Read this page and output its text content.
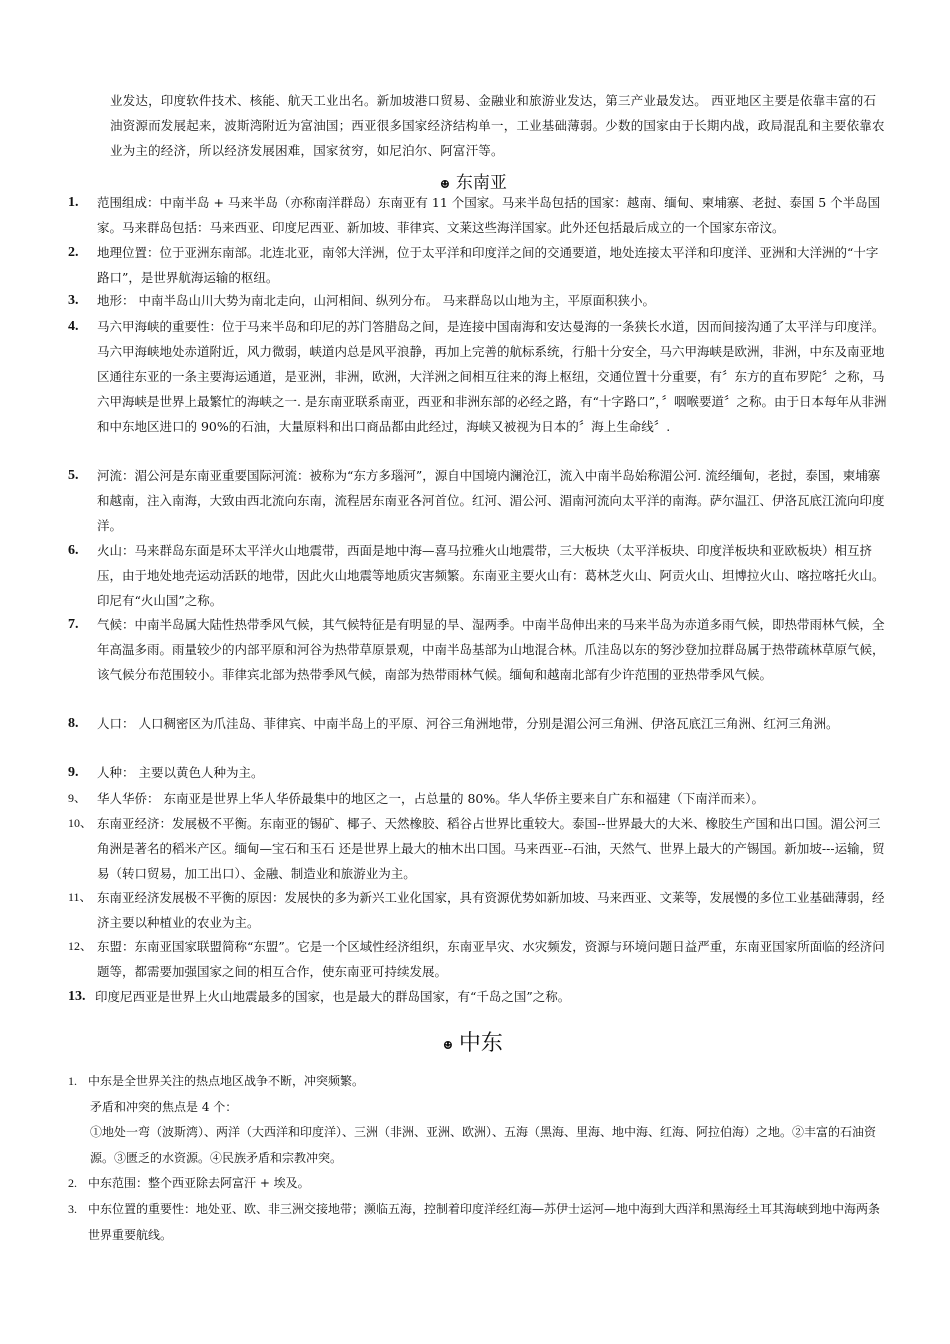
业发达，印度软件技术、核能、航天工业出名。新加坡港口贸易、金融业和旅游业发达，第三产业最发达。 西亚地区主要是依靠丰富的石油资源而发展起来，波斯湾附近为富油国；西亚很多国家经济结构单一，工业基础薄弱。少数的国家由于长期内战，政局混乱和主要依靠农业为主的经济，所以经济发展困难，国家贫穷，如尼泊尔、阿富汗等。
☻ 东南亚
1. 范围组成：中南半岛 + 马来半岛（亦称南洋群岛）东南亚有 11 个国家。马来半岛包括的国家：越南、缅甸、柬埔寨、老挝、泰国 5 个半岛国家。马来群岛包括：马来西亚、印度尼西亚、新加坡、菲律宾、文莱这些海洋国家。此外还包括最后成立的一个国家东帝汶。
2. 地理位置：位于亚洲东南部。北连北亚，南邻大洋洲，位于太平洋和印度洋之间的交通要道，地处连接太平洋和印度洋、亚洲和大洋洲的“十字路口”，是世界航海运输的枢纽。
3. 地形： 中南半岛山川大势为南北走向，山河相间、纵列分布。 马来群岛以山地为主，平原面积狭小。
4. 马六甲海峡的重要性：位于马来半岛和印尼的苏门答腊岛之间，是连接中国南海和安达曼海的一条狭长水道，因而间接沟通了太平洋与印度洋。 马六甲海峡地处赤道附近，风力微弱，峡道内总是风平浪静，再加上完善的航标系统，行船十分安全，马六甲海峡是欧洲，非洲，中东及南亚地区通往东亚的一条主要海运通道，是亚洲，非洲，欧洲，大洋洲之间相互往来的海上枢纽，交通位置十分重要，有〞东方的直布罗陀〞之称，马六甲海峡是世界上最繁忙的海峡之一. 是东南亚联系南亚，西亚和非洲东部的必经之路，有“十字路口”，〞咽喉要道〞之称。由于日本每年从非洲和中东地区进口的 90%的石油，大量原料和出口商品都由此经过，海峡又被视为日本的〞海上生命线〞.
5. 河流：湄公河是东南亚重要国际河流：被称为“东方多瑙河”，源自中国境内澜沧江，流入中南半岛始称湄公河. 流经缅甸，老挝，泰国，柬埔寨和越南，注入南海，大致由西北流向东南，流程居东南亚各河首位。红河、湄公河、湄南河流向太平洋的南海。萨尔温江、伊洛瓦底江流向印度洋。
6. 火山：马来群岛东面是环太平洋火山地震带，西面是地中海—喜马拉雅火山地震带，三大板块（太平洋板块、印度洋板块和亚欧板块）相互挤压，由于地处地壳运动活跃的地带，因此火山地震等地质灾害频繁。东南亚主要火山有：葛林芝火山、阿贡火山、坦博拉火山、喀拉喀托火山。印尼有“火山国”之称。
7. 气候：中南半岛属大陆性热带季风气候，其气候特征是有明显的旱、湿两季。中南半岛伸出来的马来半岛为赤道多雨气候，即热带雨林气候，全年高温多雨。雨量较少的内部平原和河谷为热带草原景观，中南半岛基部为山地混合林。爪洼岛以东的努沙登加拉群岛属于热带疏林草原气候，该气候分布范围较小。菲律宾北部为热带季风气候，南部为热带雨林气候。缅甸和越南北部有少许范围的亚热带季风气候。
8. 人口： 人口稠密区为爪洼岛、菲律宾、中南半岛上的平原、河谷三角洲地带，分别是湄公河三角洲、伊洛瓦底江三角洲、红河三角洲。
9. 人种： 主要以黄色人种为主。
9、 华人华侨： 东南亚是世界上华人华侨最集中的地区之一，占总量的 80%。华人华侨主要来自广东和福建（下南洋而来）。
10、 东南亚经济：发展极不平衡。东南亚的锡矿、椰子、天然橡胶、稻谷占世界比重较大。泰国--世界最大的大米、橡胶生产国和出口国。湄公河三角洲是著名的稻米产区。缅甸—宝石和玉石 还是世界上最大的柚木出口国。马来西亚--石油，天然气、世界上最大的产锡国。新加坡---运输，贸易（转口贸易，加工出口）、金融、制造业和旅游业为主。
11、 东南亚经济发展极不平衡的原因：发展快的多为新兴工业化国家，具有资源优势如新加坡、马来西亚、文莱等，发展慢的多位工业基础薄弱，经济主要以种植业的农业为主。
12、 东盟：东南亚国家联盟简称“东盟”。它是一个区域性经济组织，东南亚旱灾、水灾频发，资源与环境问题日益严重，东南亚国家所面临的经济问题等，都需要加强国家之间的相互合作，使东南亚可持续发展。
13. 印度尼西亚是世界上火山地震最多的国家，也是最大的群岛国家，有“千岛之国”之称。
☻ 中东
1. 中东是全世界关注的热点地区战争不断，冲突频繁。
矛盾和冲突的焦点是 4 个：
①地处一弯（波斯湾）、两洋（大西洋和印度洋）、三洲（非洲、亚洲、欧洲）、五海（黑海、里海、地中海、红海、阿拉伯海）之地。②丰富的石油资源。③匮乏的水资源。④民族矛盾和宗教冲突。
2. 中东范围：整个西亚除去阿富汗 + 埃及。
3. 中东位置的重要性：地处亚、欧、非三洲交接地带；濒临五海，控制着印度洋经红海—苏伊士运河—地中海到大西洋和黑海经土耳其海峡到地中海两条世界重要航线。
